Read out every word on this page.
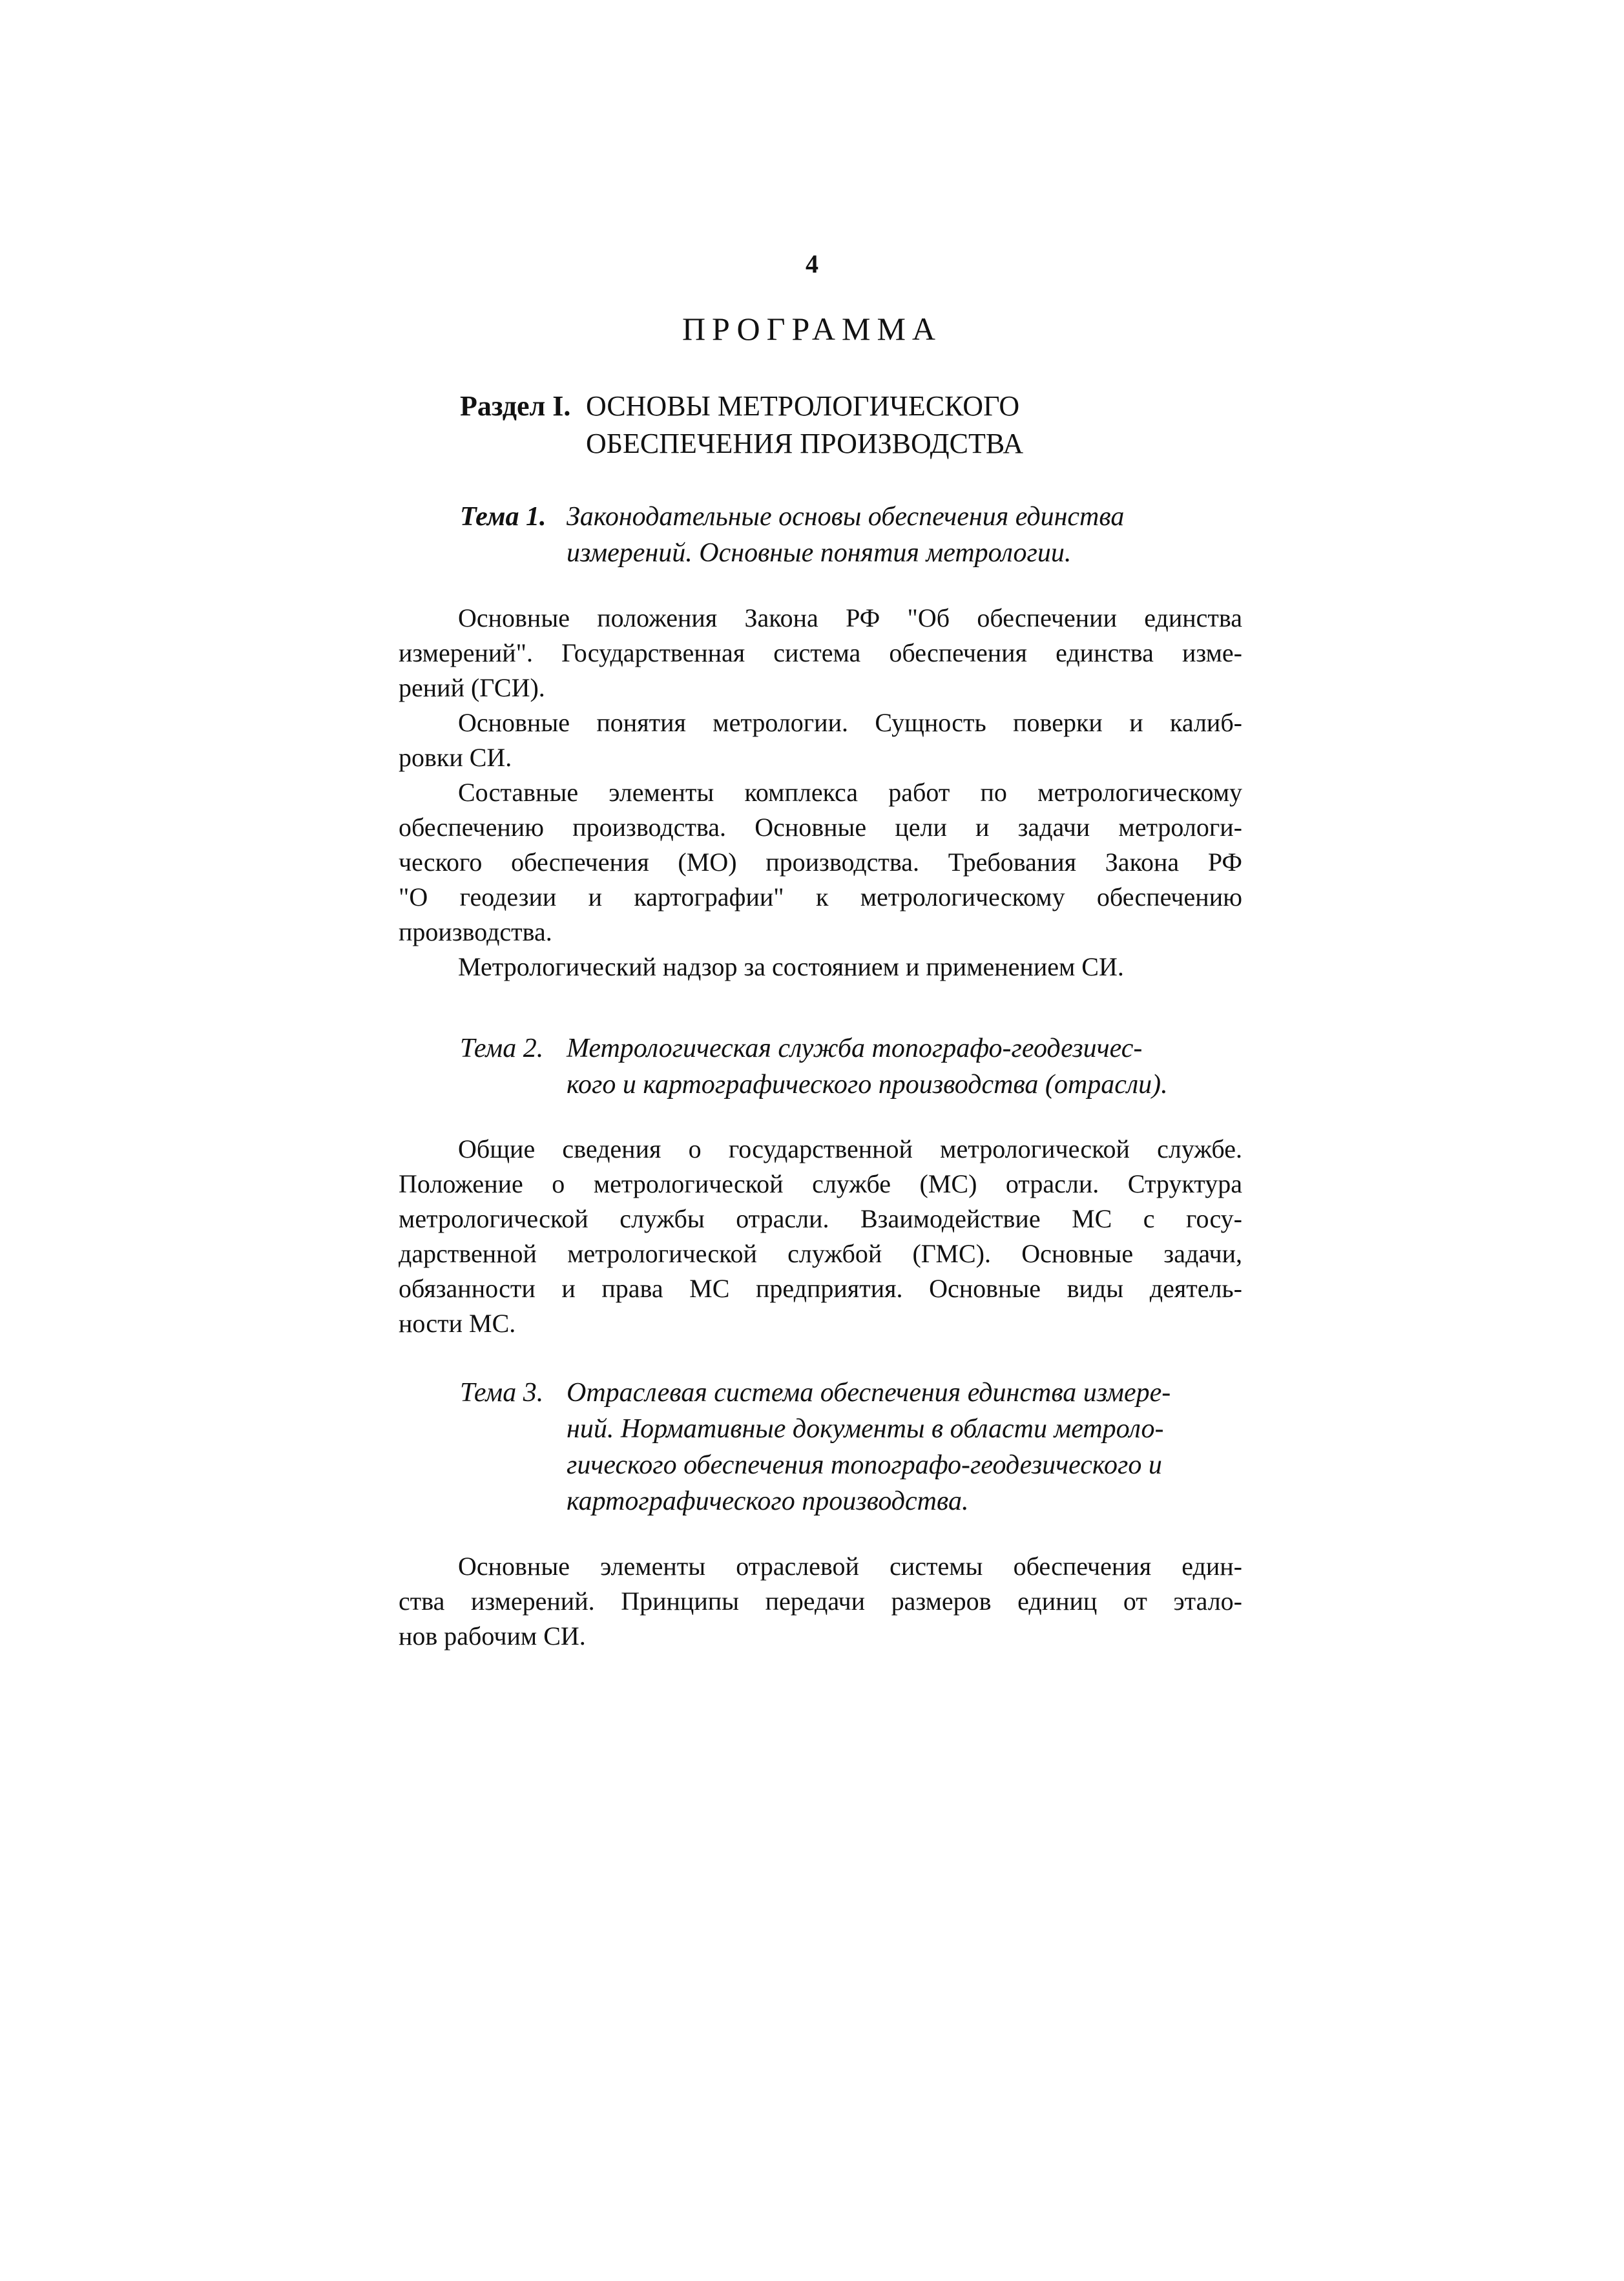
4
ПРОГРАММА
Раздел I. ОСНОВЫ МЕТРОЛОГИЧЕСКОГО
ОБЕСПЕЧЕНИЯ ПРОИЗВОДСТВА
Тема 1. Законодательные основы обеспечения единства
измерений. Основные понятия метрологии.
Основные положения Закона РФ "Об обеспечении единства
измерений". Государственная система обеспечения единства изме-
рений (ГСИ).
Основные понятия метрологии. Сущность поверки и калиб-
ровки СИ.
Составные элементы комплекса работ по метрологическому
обеспечению производства. Основные цели и задачи метрологи-
ческого обеспечения (МО) производства. Требования Закона РФ
"О геодезии и картографии" к метрологическому обеспечению
производства.
Метрологический надзор за состоянием и применением СИ.
Тема 2. Метрологическая служба топографо-геодезичес-
кого и картографического производства (отрасли).
Общие сведения о государственной метрологической службе.
Положение о метрологической службе (МС) отрасли. Структура
метрологической службы отрасли. Взаимодействие МС с госу-
дарственной метрологической службой (ГМС). Основные задачи,
обязанности и права МС предприятия. Основные виды деятель-
ности МС.
Тема 3. Отраслевая система обеспечения единства измере-
ний. Нормативные документы в области метроло-
гического обеспечения топографо-геодезического и
картографического производства.
Основные элементы отраслевой системы обеспечения един-
ства измерений. Принципы передачи размеров единиц от этало-
нов рабочим СИ.
